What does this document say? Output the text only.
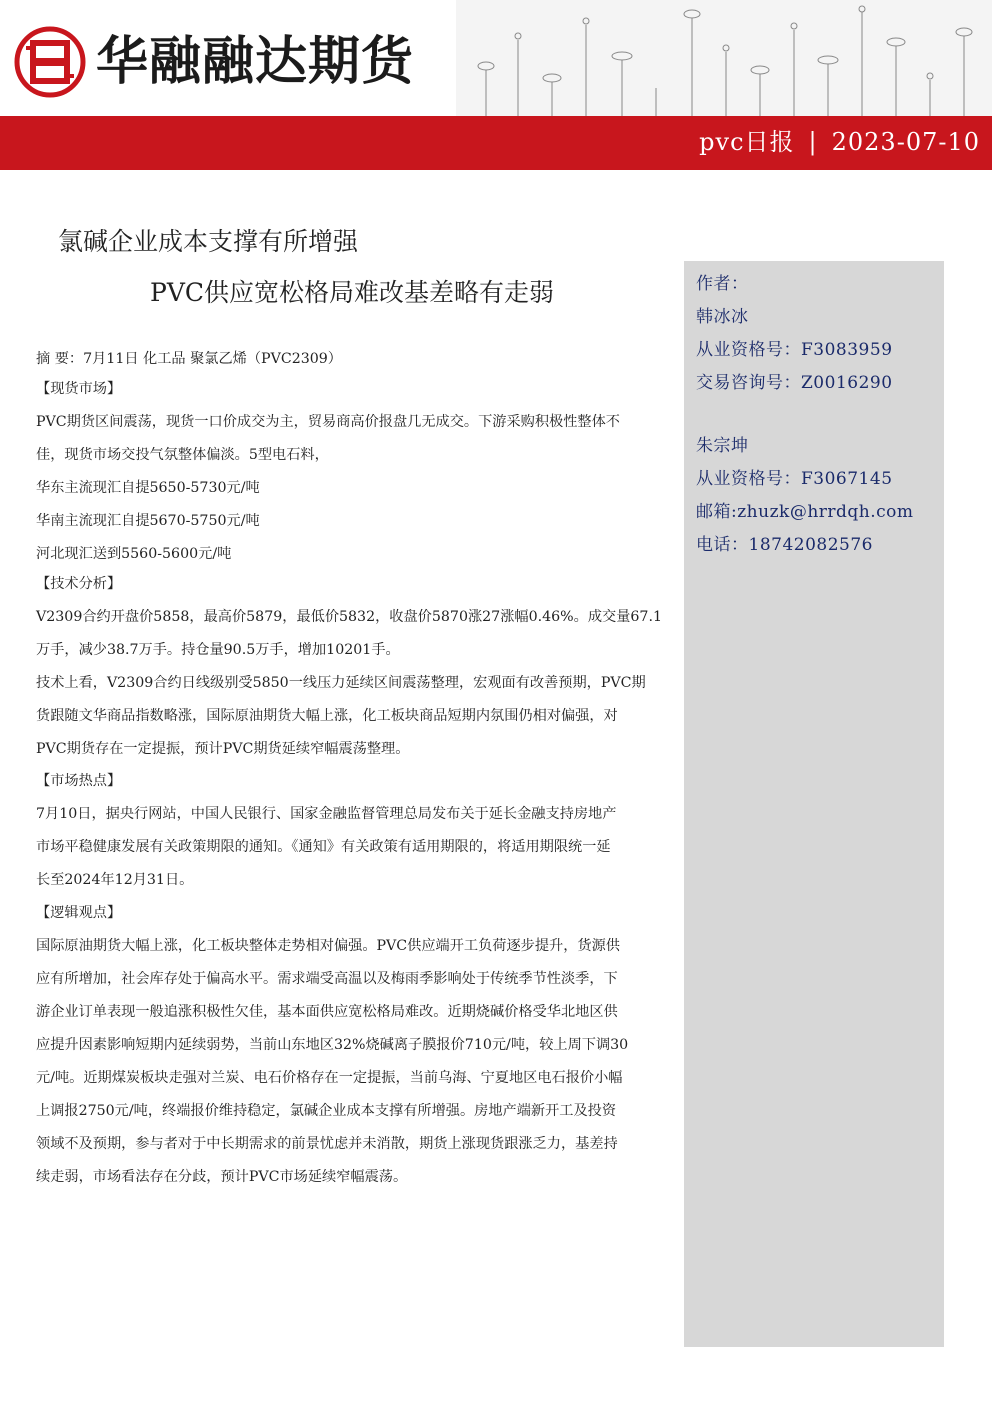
华融融达期货
pvc日报 | 2023-07-10
氯碱企业成本支撑有所增强
PVC供应宽松格局难改基差略有走弱	作者：
韩冰冰
从业资格号：F3083959
交易咨询号：Z0016290
朱宗坤
从业资格号：F3067145
邮箱:zhuzk@hrrdqh.com
电话：18742082576
摘 要：7月11日 化工品 聚氯乙烯（PVC2309）
【现货市场】
PVC期货区间震荡，现货一口价成交为主，贸易商高价报盘几无成交。下游采购积极性整体不
佳，现货市场交投气氛整体偏淡。5型电石料，
华东主流现汇自提5650-5730元/吨
华南主流现汇自提5670-5750元/吨
河北现汇送到5560-5600元/吨
【技术分析】
V2309合约开盘价5858，最高价5879，最低价5832，收盘价5870涨27涨幅0.46%。成交量67.1
万手，减少38.7万手。持仓量90.5万手，增加10201手。
技术上看，V2309合约日线级别受5850一线压力延续区间震荡整理，宏观面有改善预期，PVC期
货跟随文华商品指数略涨，国际原油期货大幅上涨，化工板块商品短期内氛围仍相对偏强，对
PVC期货存在一定提振，预计PVC期货延续窄幅震荡整理。
【市场热点】
7月10日，据央行网站，中国人民银行、国家金融监督管理总局发布关于延长金融支持房地产
市场平稳健康发展有关政策期限的通知。《通知》有关政策有适用期限的，将适用期限统一延
长至2024年12月31日。
【逻辑观点】
国际原油期货大幅上涨，化工板块整体走势相对偏强。PVC供应端开工负荷逐步提升，货源供
应有所增加，社会库存处于偏高水平。需求端受高温以及梅雨季影响处于传统季节性淡季，下
游企业订单表现一般追涨积极性欠佳，基本面供应宽松格局难改。近期烧碱价格受华北地区供
应提升因素影响短期内延续弱势，当前山东地区32%烧碱离子膜报价710元/吨，较上周下调30
元/吨。近期煤炭板块走强对兰炭、电石价格存在一定提振，当前乌海、宁夏地区电石报价小幅
上调报2750元/吨，终端报价维持稳定，氯碱企业成本支撑有所增强。房地产端新开工及投资
领域不及预期，参与者对于中长期需求的前景忧虑并未消散，期货上涨现货跟涨乏力，基差持
续走弱，市场看法存在分歧，预计PVC市场延续窄幅震荡。
